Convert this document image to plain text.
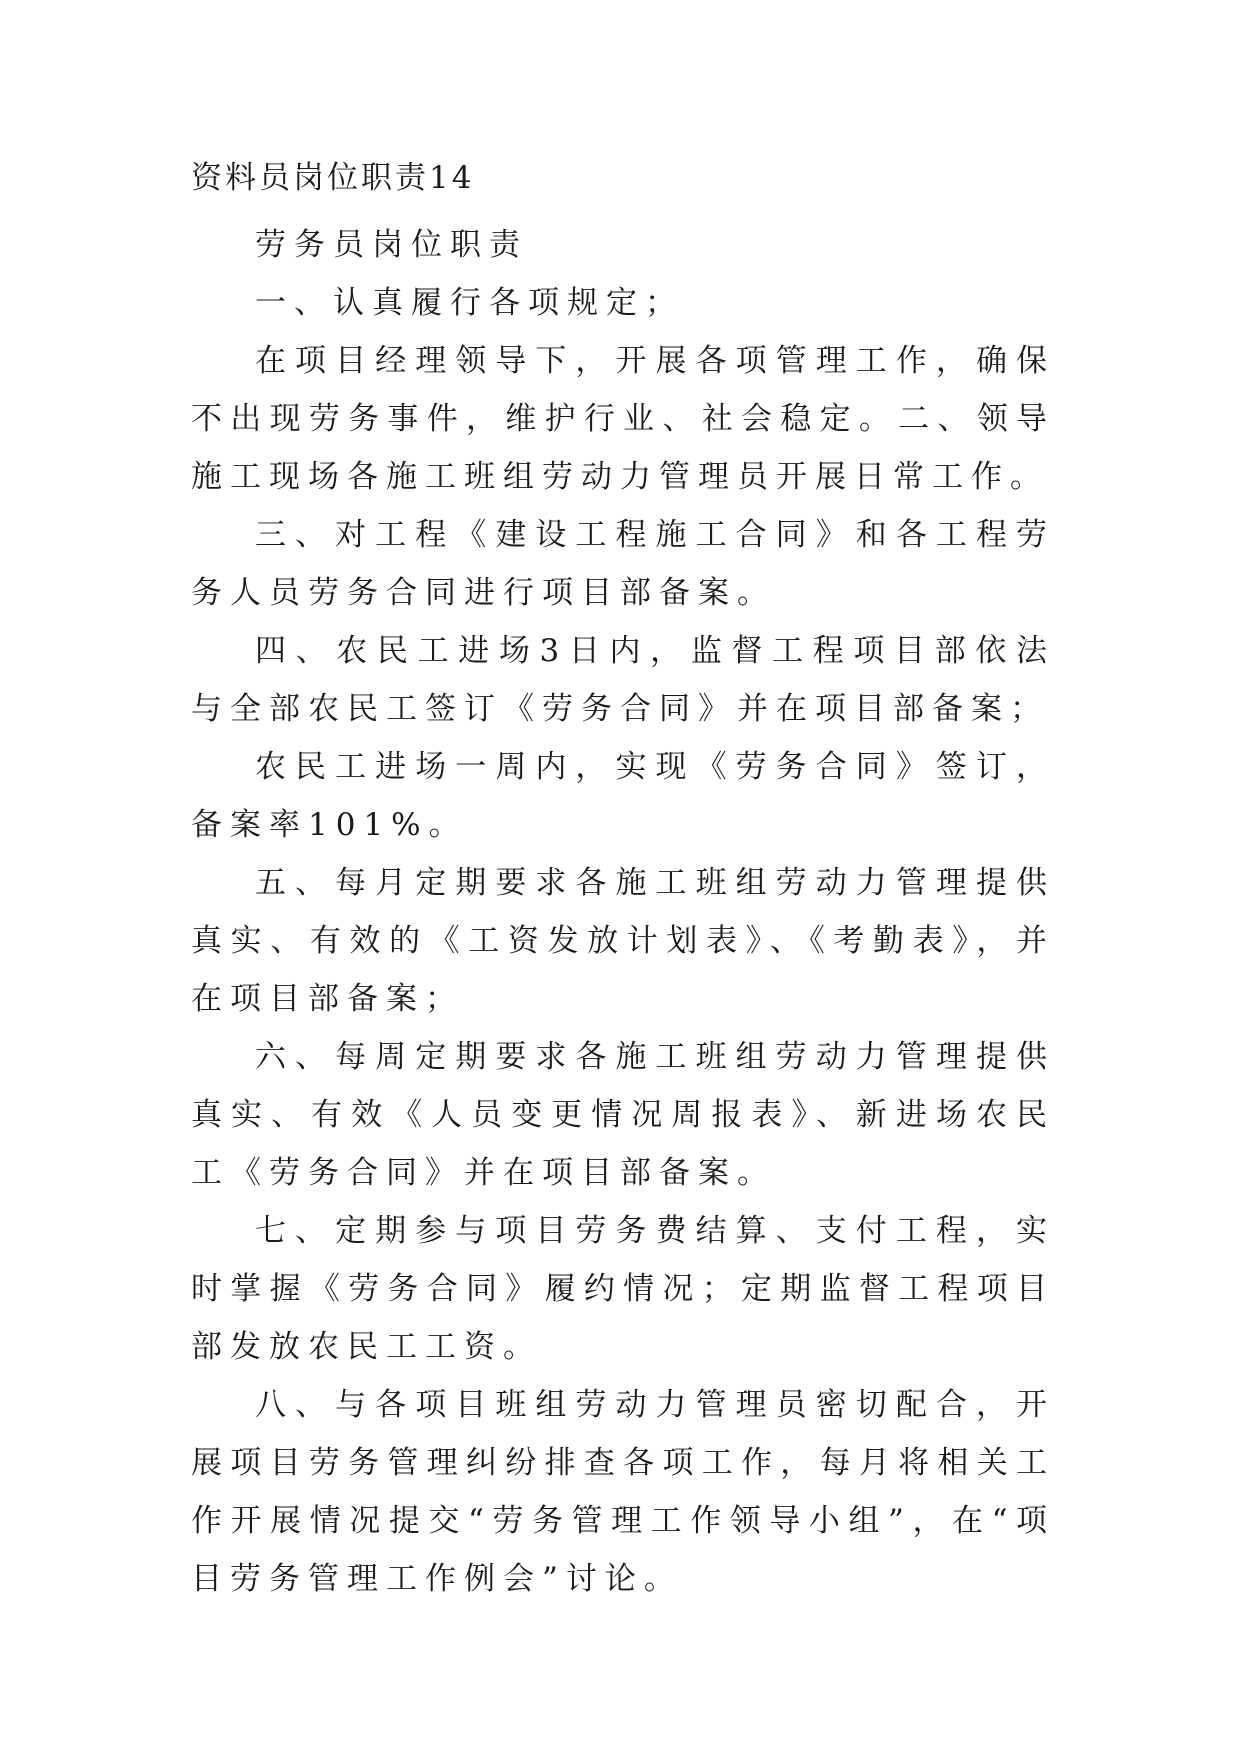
资料员岗位职责14

劳务员岗位职责

一、认真履行各项规定；

在项目经理领导下，开展各项管理工作，确保不出现劳务事件，维护行业、社会稳定。二、领导施工现场各施工班组劳动力管理员开展日常工作。

三、对工程《建设工程施工合同》和各工程劳务人员劳务合同进行项目部备案。

四、农民工进场3日内，监督工程项目部依法与全部农民工签订《劳务合同》并在项目部备案；

农民工进场一周内，实现《劳务合同》签订，备案率101%。

五、每月定期要求各施工班组劳动力管理提供真实、有效的《工资发放计划表》、《考勤表》，并在项目部备案；

六、每周定期要求各施工班组劳动力管理提供真实、有效《人员变更情况周报表》、新进场农民工《劳务合同》并在项目部备案。

七、定期参与项目劳务费结算、支付工程，实时掌握《劳务合同》履约情况；定期监督工程项目部发放农民工工资。

八、与各项目班组劳动力管理员密切配合，开展项目劳务管理纠纷排查各项工作，每月将相关工作开展情况提交“劳务管理工作领导小组”，在“项目劳务管理工作例会”讨论。
